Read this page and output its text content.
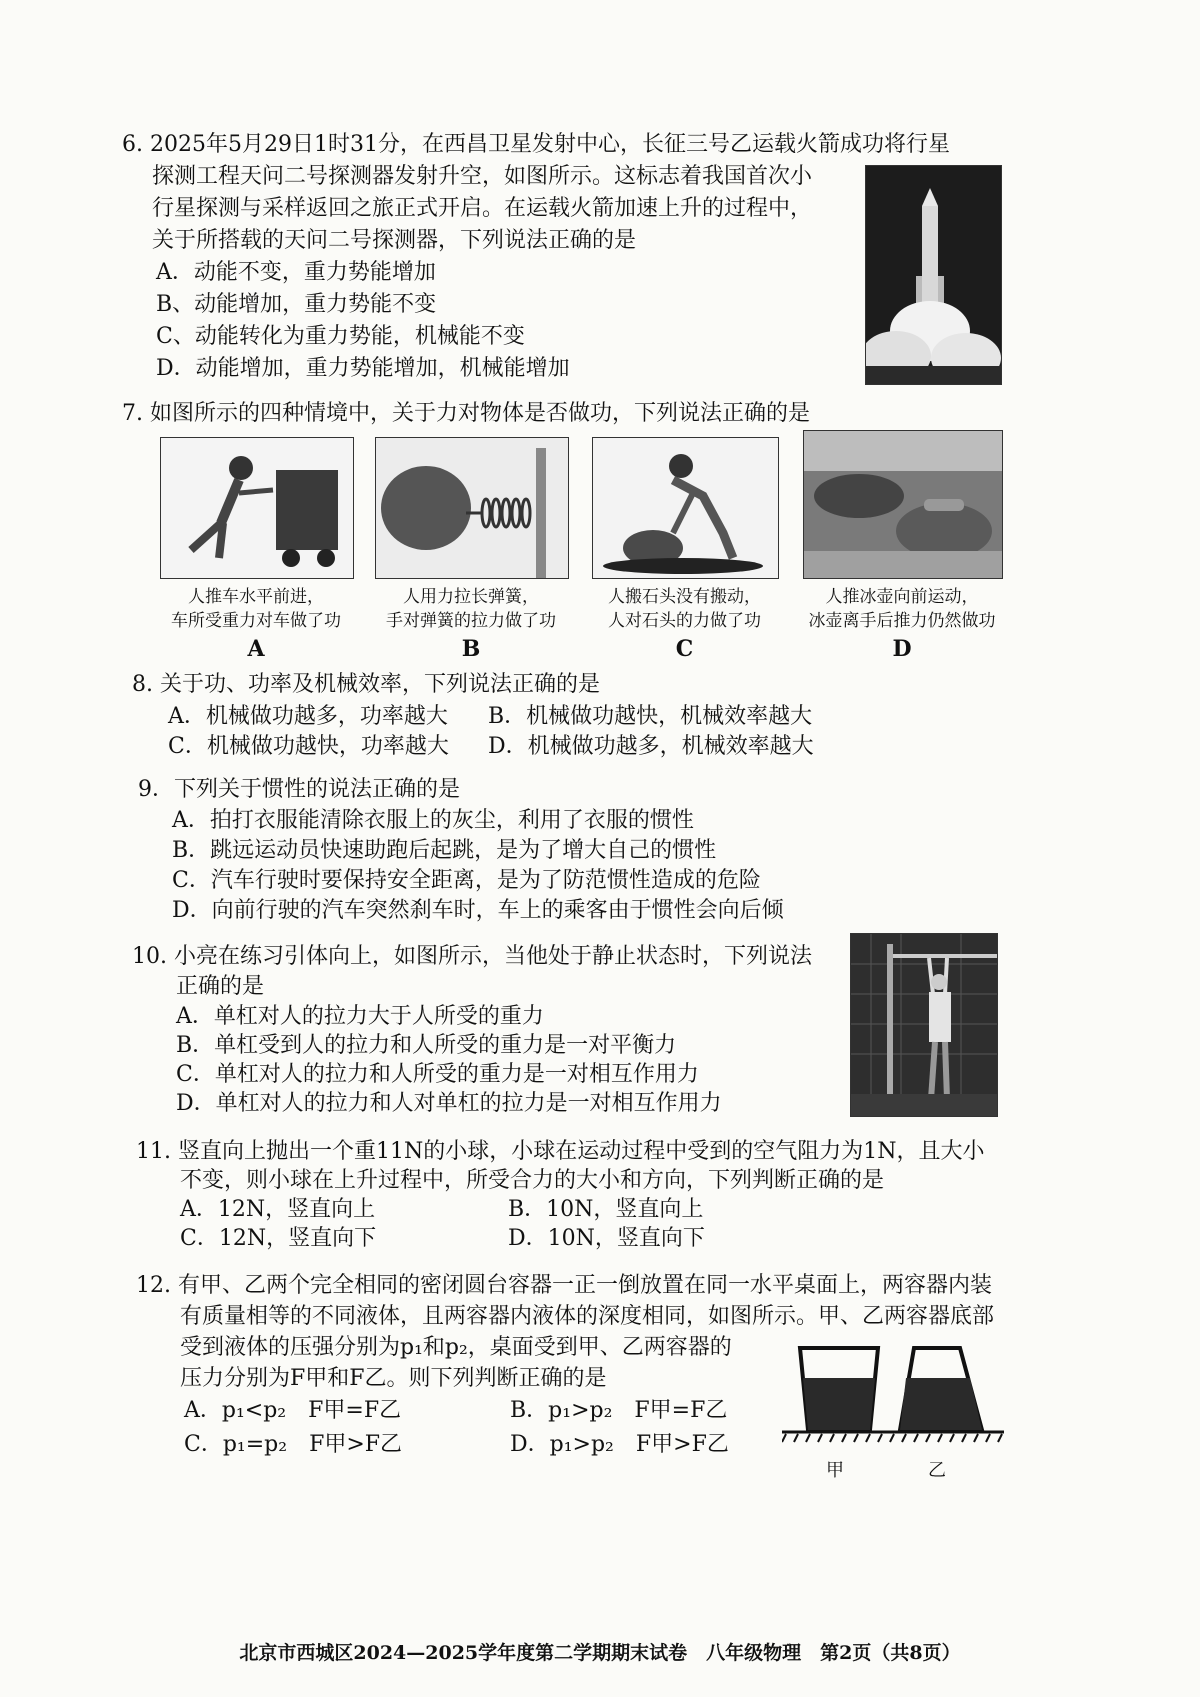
6. 2025年5月29日1时31分，在西昌卫星发射中心，长征三号乙运载火箭成功将行星
探测工程天问二号探测器发射升空，如图所示。这标志着我国首次小
行星探测与采样返回之旅正式开启。在运载火箭加速上升的过程中，
关于所搭载的天问二号探测器，下列说法正确的是
A．动能不变，重力势能增加
B、动能增加，重力势能不变
C、动能转化为重力势能，机械能不变
D．动能增加，重力势能增加，机械能增加
7. 如图所示的四种情境中，关于力对物体是否做功，下列说法正确的是
人推车水平前进，
车所受重力对车做了功
人用力拉长弹簧，
手对弹簧的拉力做了功
人搬石头没有搬动，
人对石头的力做了功
人推冰壶向前运动，
冰壶离手后推力仍然做功
A	B	C	D
8. 关于功、功率及机械效率，下列说法正确的是
A．机械做功越多，功率越大 B．机械做功越快，机械效率越大
C．机械做功越快，功率越大 D．机械做功越多，机械效率越大
9．下列关于惯性的说法正确的是
A．拍打衣服能清除衣服上的灰尘，利用了衣服的惯性
B．跳远运动员快速助跑后起跳，是为了增大自己的惯性
C．汽车行驶时要保持安全距离，是为了防范惯性造成的危险
D．向前行驶的汽车突然刹车时，车上的乘客由于惯性会向后倾
10. 小亮在练习引体向上，如图所示，当他处于静止状态时，下列说法
正确的是
A．单杠对人的拉力大于人所受的重力
B．单杠受到人的拉力和人所受的重力是一对平衡力
C．单杠对人的拉力和人所受的重力是一对相互作用力
D．单杠对人的拉力和人对单杠的拉力是一对相互作用力
11. 竖直向上抛出一个重11N的小球，小球在运动过程中受到的空气阻力为1N，且大小
不变，则小球在上升过程中，所受合力的大小和方向，下列判断正确的是
A．12N，竖直向上	B．10N，竖直向上
C．12N，竖直向下	D．10N，竖直向下
12. 有甲、乙两个完全相同的密闭圆台容器一正一倒放置在同一水平桌面上，两容器内装
有质量相等的不同液体，且两容器内液体的深度相同，如图所示。甲、乙两容器底部
受到液体的压强分别为p₁和p₂，桌面受到甲、乙两容器的
压力分别为F甲和F乙。则下列判断正确的是
A．p₁<p₂　F甲=F乙	B．p₁>p₂　F甲=F乙
C．p₁=p₂　F甲>F乙	D．p₁>p₂　F甲>F乙
甲	乙
北京市西城区2024—2025学年度第二学期期末试卷　八年级物理　第2页（共8页）
